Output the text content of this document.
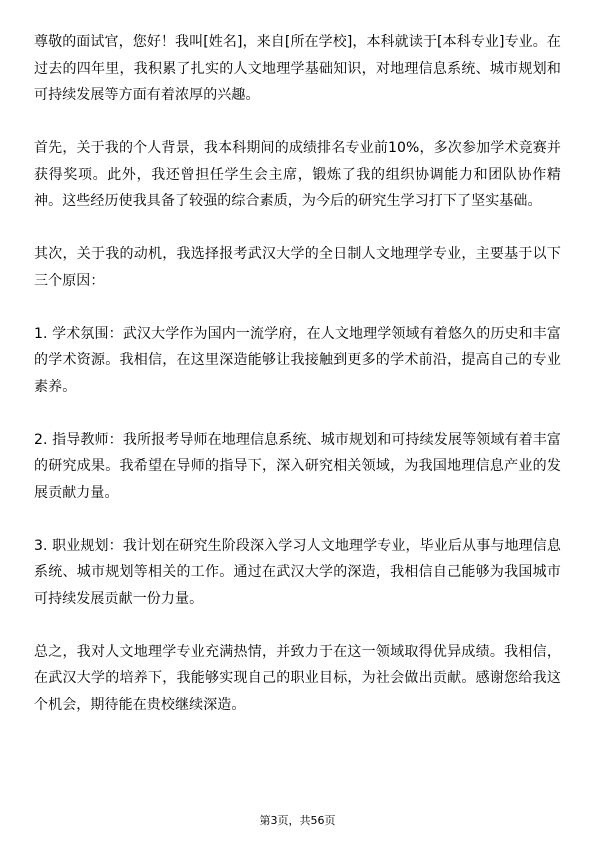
尊敬的面试官，您好！我叫[姓名]，来自[所在学校]，本科就读于[本科专业]专业。在过去的四年里，我积累了扎实的人文地理学基础知识，对地理信息系统、城市规划和可持续发展等方面有着浓厚的兴趣。

首先，关于我的个人背景，我本科期间的成绩排名专业前10%，多次参加学术竞赛并获得奖项。此外，我还曾担任学生会主席，锻炼了我的组织协调能力和团队协作精神。这些经历使我具备了较强的综合素质，为今后的研究生学习打下了坚实基础。

其次，关于我的动机，我选择报考武汉大学的全日制人文地理学专业，主要基于以下三个原因：

1. 学术氛围：武汉大学作为国内一流学府，在人文地理学领域有着悠久的历史和丰富的学术资源。我相信，在这里深造能够让我接触到更多的学术前沿，提高自己的专业素养。

2. 指导教师：我所报考导师在地理信息系统、城市规划和可持续发展等领域有着丰富的研究成果。我希望在导师的指导下，深入研究相关领域，为我国地理信息产业的发展贡献力量。

3. 职业规划：我计划在研究生阶段深入学习人文地理学专业，毕业后从事与地理信息系统、城市规划等相关的工作。通过在武汉大学的深造，我相信自己能够为我国城市可持续发展贡献一份力量。

总之，我对人文地理学专业充满热情，并致力于在这一领域取得优异成绩。我相信，在武汉大学的培养下，我能够实现自己的职业目标，为社会做出贡献。感谢您给我这个机会，期待能在贵校继续深造。

第3页，共56页
